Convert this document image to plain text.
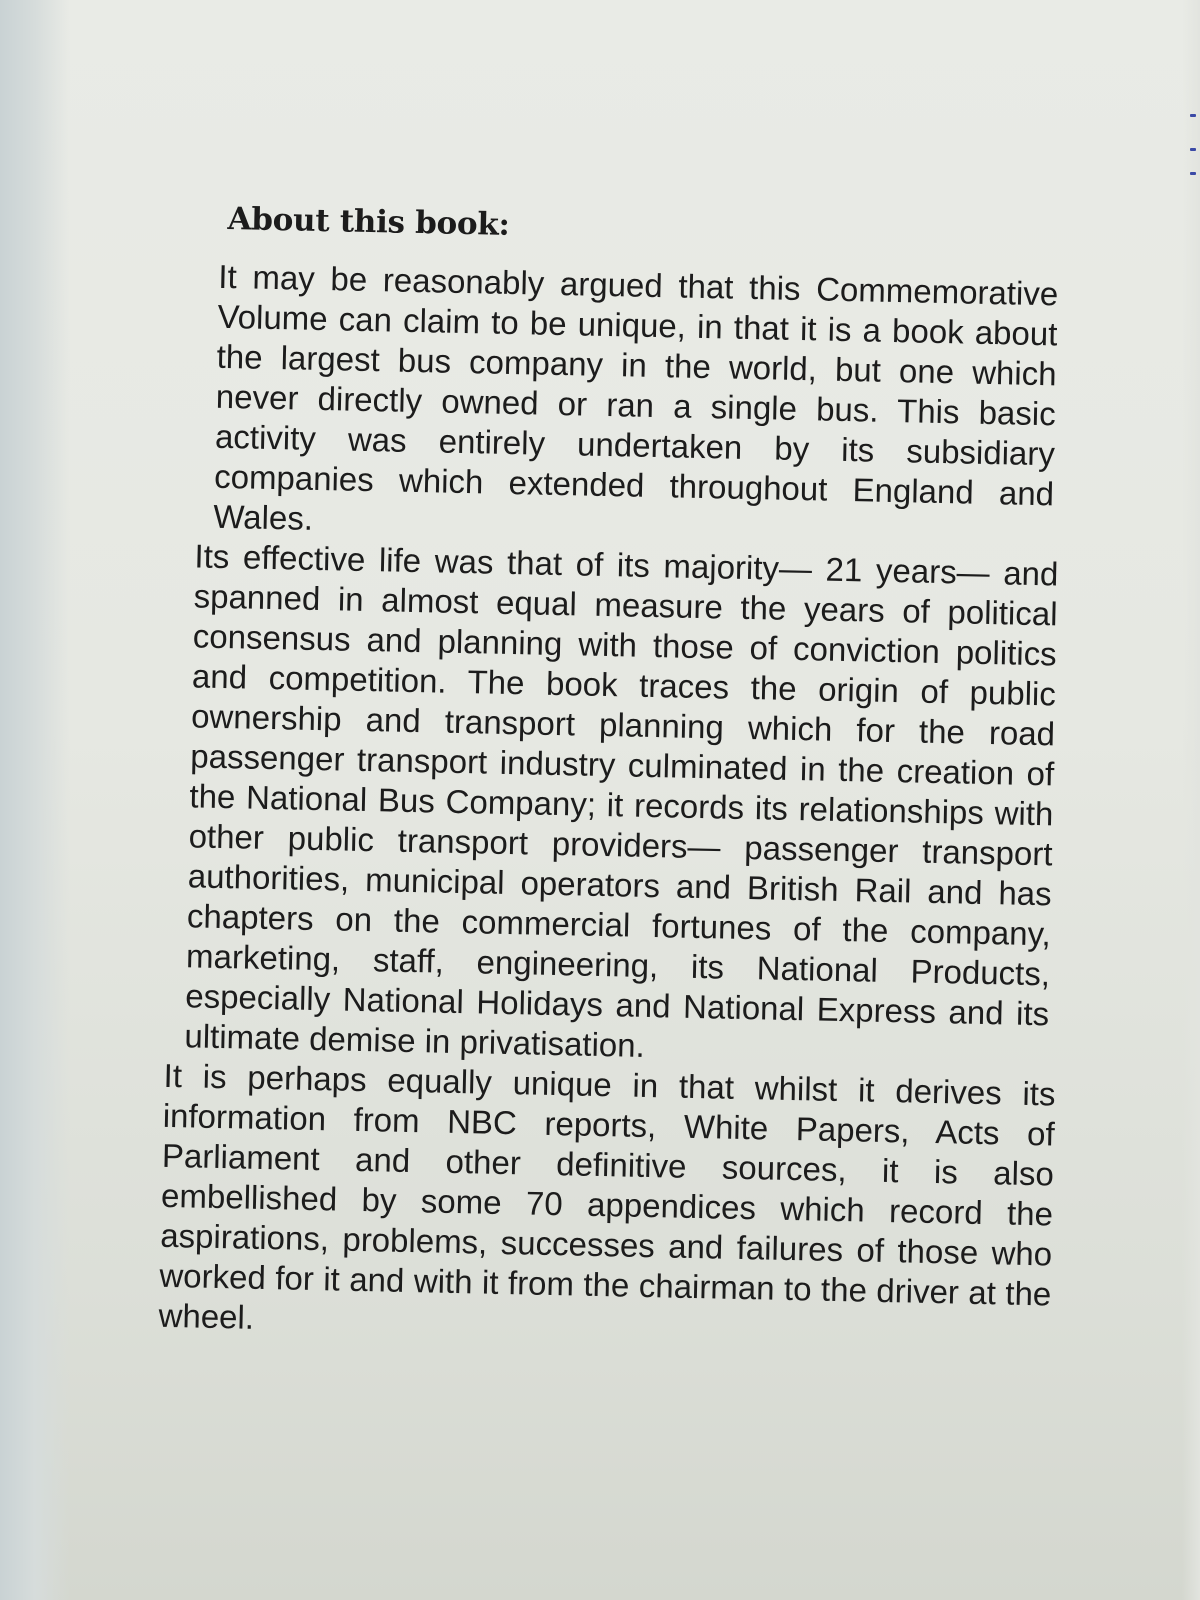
About this book:

It may be reasonably argued that this Commemorative Volume can claim to be unique, in that it is a book about the largest bus company in the world, but one which never directly owned or ran a single bus. This basic activity was entirely undertaken by its subsidiary companies which extended throughout England and Wales.

Its effective life was that of its majority— 21 years— and spanned in almost equal measure the years of political consensus and planning with those of conviction politics and competition. The book traces the origin of public ownership and transport planning which for the road passenger transport industry culminated in the creation of the National Bus Company; it records its relationships with other public transport providers— passenger transport authorities, municipal operators and British Rail and has chapters on the commercial fortunes of the company, marketing, staff, engineering, its National Products, especially National Holidays and National Express and its ultimate demise in privatisation.

It is perhaps equally unique in that whilst it derives its information from NBC reports, White Papers, Acts of Parliament and other definitive sources, it is also embellished by some 70 appendices which record the aspirations, problems, successes and failures of those who worked for it and with it from the chairman to the driver at the wheel.
